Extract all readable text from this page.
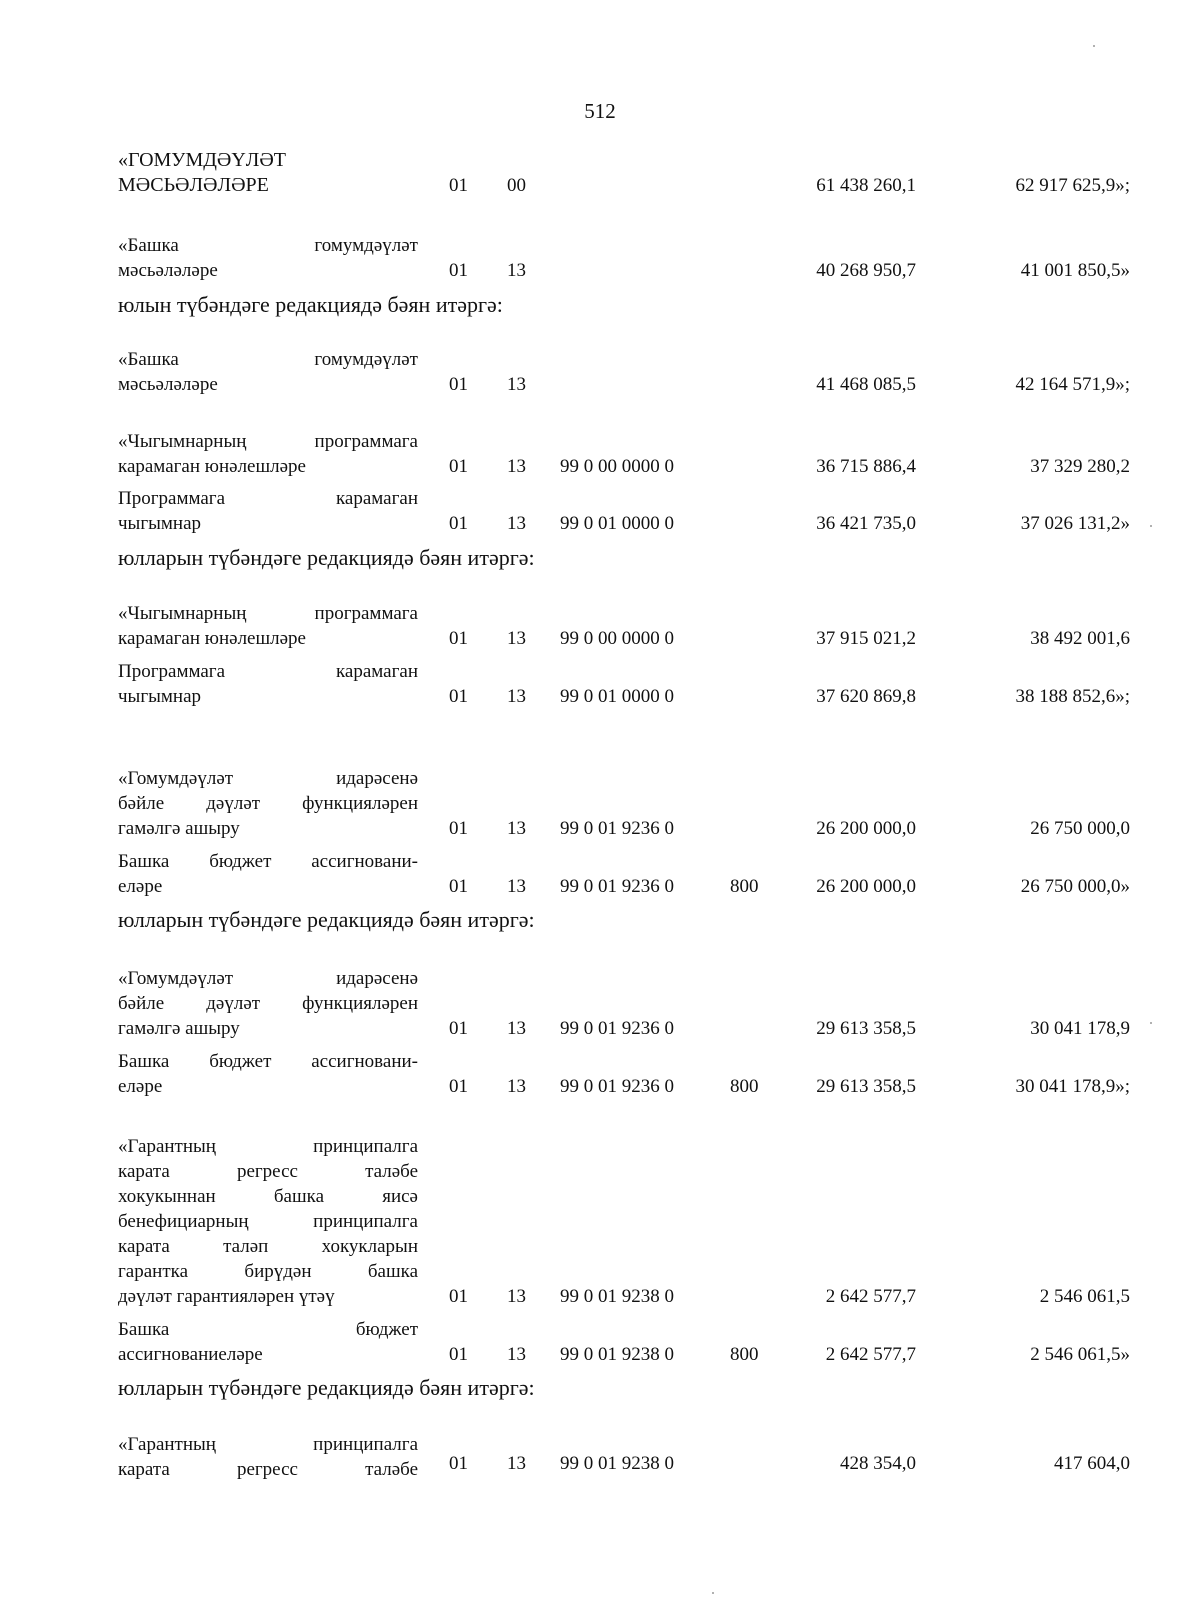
512
«ГОМУМДӘҮЛӘТ
МӘСЬӘЛӘЛӘРЕ	01 00	61 438 260,1	62 917 625,9»;
«Башка гомумдәүләт
мәсьәләләре	01 13	40 268 950,7	41 001 850,5»
юлын түбәндәге редакциядә бәян итәргә:
«Башка гомумдәүләт
мәсьәләләре	01 13	41 468 085,5	42 164 571,9»;
«Чыгымнарның программага
карамаган юнәлешләре	01 13 99 0 00 0000 0	36 715 886,4	37 329 280,2
Программага карамаган
чыгымнар	01 13 99 0 01 0000 0	36 421 735,0	37 026 131,2»
юлларын түбәндәге редакциядә бәян итәргә:
«Чыгымнарның программага
карамаган юнәлешләре	01 13 99 0 00 0000 0	37 915 021,2	38 492 001,6
Программага карамаган
чыгымнар	01 13 99 0 01 0000 0	37 620 869,8	38 188 852,6»;
«Гомумдәүләт идарәсенә
бәйле дәүләт функцияләрен
гамәлгә ашыру	01 13 99 0 01 9236 0	26 200 000,0	26 750 000,0
Башка бюджет ассигновани-
еләре	01 13 99 0 01 9236 0	800	26 200 000,0	26 750 000,0»
юлларын түбәндәге редакциядә бәян итәргә:
«Гомумдәүләт идарәсенә
бәйле дәүләт функцияләрен
гамәлгә ашыру	01 13 99 0 01 9236 0	29 613 358,5	30 041 178,9
Башка бюджет ассигновани-
еләре	01 13 99 0 01 9236 0	800	29 613 358,5	30 041 178,9»;
«Гарантның принципалга
карата регресс таләбе
хокукыннан башка яисә
бенефициарның принципалга
карата таләп хокукларын
гарантка бирүдән башка
дәүләт гарантияләрен үтәү	01 13 99 0 01 9238 0	2 642 577,7	2 546 061,5
Башка бюджет
ассигнованиеләре	01 13 99 0 01 9238 0	800	2 642 577,7	2 546 061,5»
юлларын түбәндәге редакциядә бәян итәргә:
«Гарантның принципалга
карата регресс таләбе 01 13 99 0 01 9238 0	428 354,0	417 604,0
